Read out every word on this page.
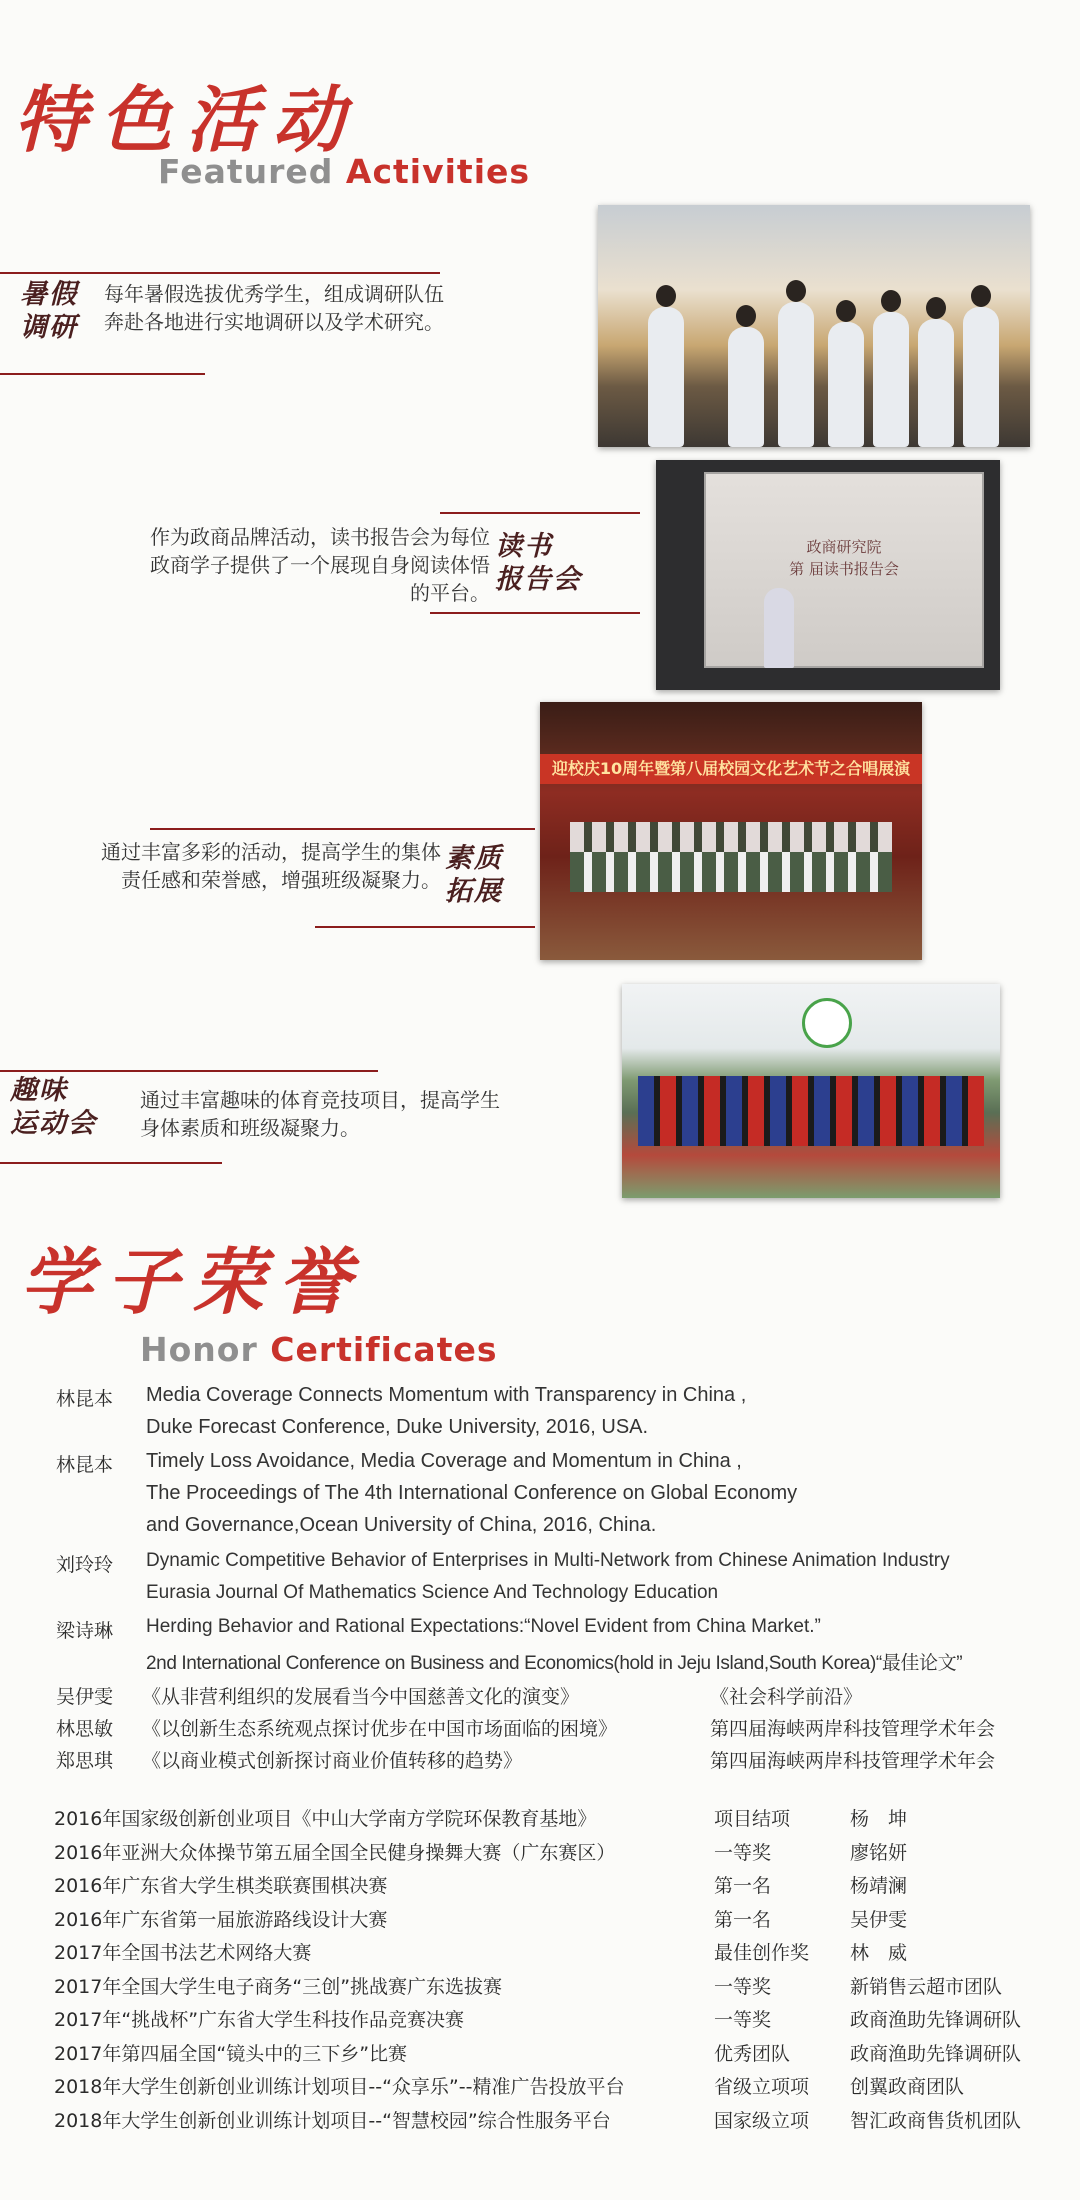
特色活动
Featured Activities
暑假
调研
每年暑假选拔优秀学生，组成调研队伍奔赴各地进行实地调研以及学术研究。
政商研究院
第 届读书报告会
作为政商品牌活动，读书报告会为每位政商学子提供了一个展现自身阅读体悟的平台。
读书
报告会
迎校庆10周年暨第八届校园文化艺术节之合唱展演
通过丰富多彩的活动，提高学生的集体责任感和荣誉感，增强班级凝聚力。
素质
拓展
趣味
运动会
通过丰富趣味的体育竞技项目，提高学生身体素质和班级凝聚力。
学子荣誉
Honor Certificates
林昆本 Media Coverage Connects Momentum with Transparency in China ,
Duke Forecast Conference, Duke University, 2016, USA.
林昆本 Timely Loss Avoidance, Media Coverage and Momentum in China ,
The Proceedings of The 4th International Conference on Global Economy
and Governance,Ocean University of China, 2016, China.
刘玲玲 Dynamic Competitive Behavior of Enterprises in Multi-Network from Chinese Animation Industry
Eurasia Journal Of Mathematics Science And Technology Education
梁诗琳 Herding Behavior and Rational Expectations:“Novel Evident from China Market.”
2nd International Conference on Business and Economics(hold in Jeju Island,South Korea)“最佳论文”
吴伊雯 《从非营利组织的发展看当今中国慈善文化的演变》	《社会科学前沿》
林思敏 《以创新生态系统观点探讨优步在中国市场面临的困境》	第四届海峡两岸科技管理学术年会
郑思琪 《以商业模式创新探讨商业价值转移的趋势》	第四届海峡两岸科技管理学术年会
2016年国家级创新创业项目《中山大学南方学院环保教育基地》	项目结项	杨　坤
2016年亚洲大众体操节第五届全国全民健身操舞大赛（广东赛区）	一等奖	廖铭妍
2016年广东省大学生棋类联赛围棋决赛	第一名	杨靖澜
2016年广东省第一届旅游路线设计大赛	第一名	吴伊雯
2017年全国书法艺术网络大赛	最佳创作奖 林　威
2017年全国大学生电子商务“三创”挑战赛广东选拔赛	一等奖	新销售云超市团队
2017年“挑战杯”广东省大学生科技作品竞赛决赛	一等奖	政商渔助先锋调研队
2017年第四届全国“镜头中的三下乡”比赛	优秀团队	政商渔助先锋调研队
2018年大学生创新创业训练计划项目--“众享乐”--精准广告投放平台	省级立项项 创翼政商团队
2018年大学生创新创业训练计划项目--“智慧校园”综合性服务平台	国家级立项 智汇政商售货机团队
